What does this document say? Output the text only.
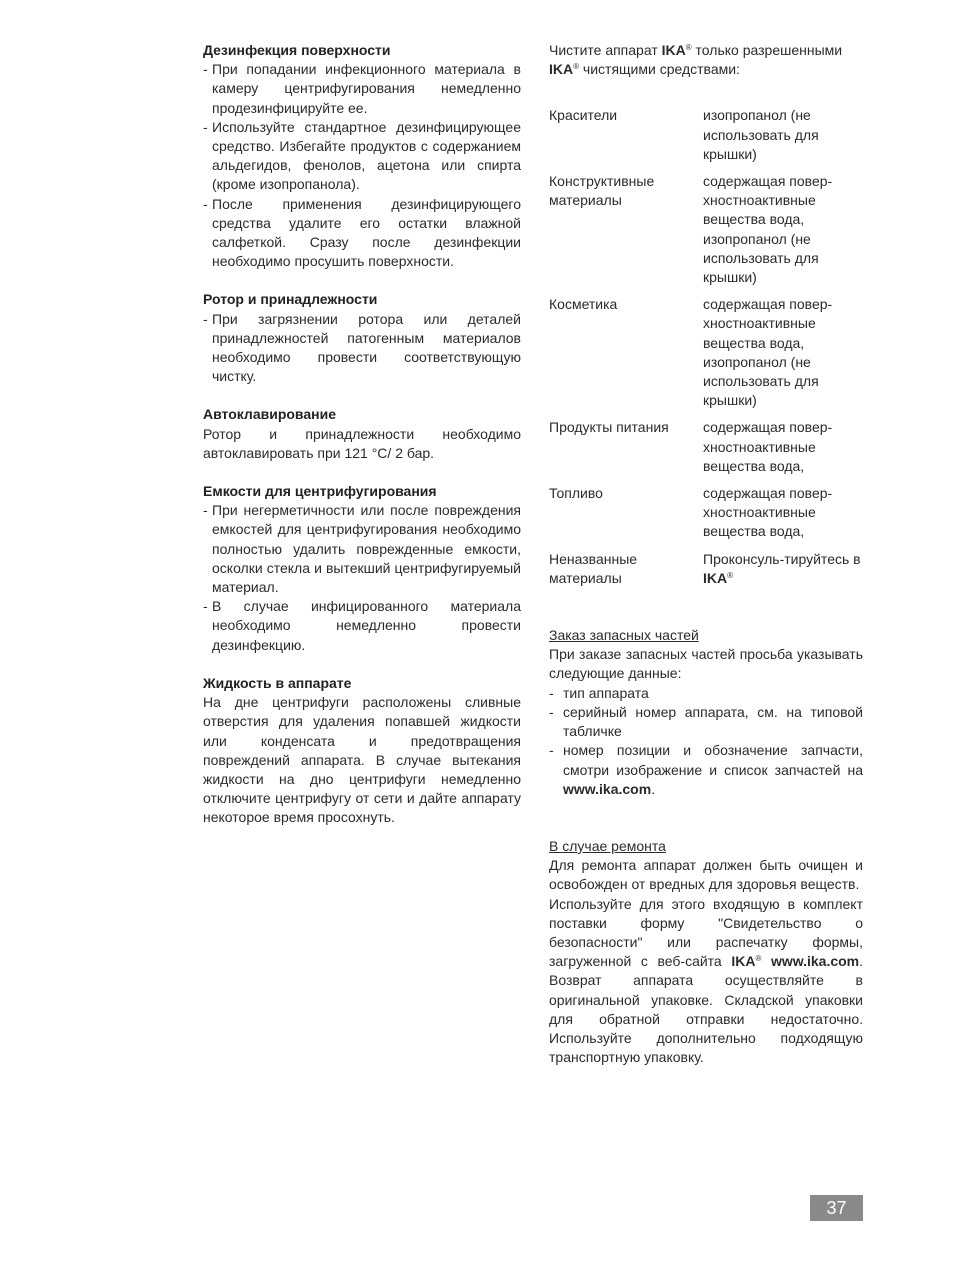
Дезинфекция поверхности
- При попадании инфекционного материала в камеру центрифугирования немедленно продезинфицируйте ее.
- Используйте стандартное дезинфицирующее средство. Избегайте продуктов с содержанием альдегидов, фенолов, ацетона или спирта (кроме изопропанола).
- После применения дезинфицирующего средства удалите его остатки влажной салфеткой. Сразу после дезинфекции необходимо просушить поверхности.
Ротор и принадлежности
- При загрязнении ротора или деталей принадлежностей патогенным материалов необходимо провести соответствующую чистку.
Автоклавирование
Ротор и принадлежности необходимо автоклавировать при 121 °C/ 2 бар.
Емкости для центрифугирования
- При негерметичности или после повреждения емкостей для центрифугирования необходимо полностью удалить поврежденные емкости, осколки стекла и вытекший центрифугируемый материал.
- В случае инфицированного материала необходимо немедленно провести дезинфекцию.
Жидкость в аппарате
На дне центрифуги расположены сливные отверстия для удаления попавшей жидкости или конденсата и предотвращения повреждений аппарата. В случае вытекания жидкости на дно центрифуги немедленно отключите центрифугу от сети и дайте аппарату некоторое время просохнуть.
Чистите аппарат IKA® только разрешенными
IKA® чистящими средствами:
Красители	изопропанол (не использовать для крышки)
Конструктивные материалы	содержащая повер-хностноактивные вещества вода, изопропанол (не использовать для крышки)
Косметика	содержащая повер-хностноактивные вещества вода, изопропанол (не использовать для крышки)
Продукты питания	содержащая повер-хностноактивные вещества вода,
Топливо	содержащая повер-хностноактивные вещества вода,
Неназванные материалы	Проконсуль-тируйтесь в IKA®
Заказ запасных частей
При заказе запасных частей просьба указывать следующие данные:
- тип аппарата
- серийный номер аппарата, см. на типовой табличке
- номер позиции и обозначение запчасти, смотри изображение и список запчастей на www.ika.com.
В случае ремонта
Для ремонта аппарат должен быть очищен и освобожден от вредных для здоровья веществ.
Используйте для этого входящую в комплект поставки форму "Свидетельство о безопасности" или распечатку формы, загруженной с веб-сайта IKA® www.ika.com. Возврат аппарата осуществляйте в оригинальной упаковке. Складской упаковки для обратной отправки недостаточно. Используйте дополнительно подходящую транспортную упаковку.
37
